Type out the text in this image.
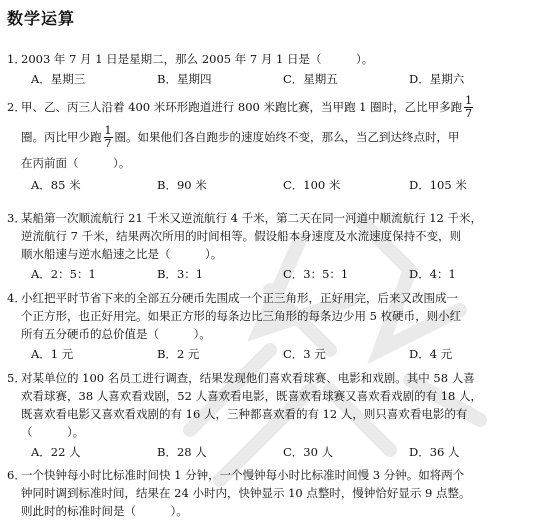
数学运算
1．2003 年 7 月 1 日是星期二，那么 2005 年 7 月 1 日是（　　　）。
A．星期三	B．星期四	C．星期五	D．星期六
2．
甲、乙、丙三人沿着 400 米环形跑道进行 800 米跑比赛，当甲跑 1 圈时，乙比甲多跑 $\frac{1}{7}$
圈。丙比甲少跑 $\frac{1}{7}$ 圈。如果他们各自跑步的速度始终不变，那么，当乙到达终点时，甲
在丙前面（　　　）。
A．85 米	B．90 米	C．100 米	D．105 米
3．某船第一次顺流航行 21 千米又逆流航行 4 千米，第二天在同一河道中顺流航行 12 千米，
逆流航行 7 千米，结果两次所用的时间相等。假设船本身速度及水流速度保持不变，则
顺水船速与逆水船速之比是（　　　）。
A．2：5：1	B．3：1	C．3：5：1	D．4：1
4．小红把平时节省下来的全部五分硬币先围成一个正三角形，正好用完，后来又改围成一
个正方形，也正好用完。如果正方形的每条边比三角形的每条边少用 5 枚硬币，则小红
所有五分硬币的总价值是（　　　）。
A．1 元	B．2 元	C．3 元	D．4 元
5．对某单位的 100 名员工进行调查，结果发现他们喜欢看球赛、电影和戏剧。其中 58 人喜
欢看球赛，38 人喜欢看戏剧，52 人喜欢看电影，既喜欢看球赛又喜欢看戏剧的有 18 人，
既喜欢看电影又喜欢看戏剧的有 16 人，三种都喜欢看的有 12 人，则只喜欢看电影的有
（　　　）。
A．22 人	B．28 人	C．30 人	D．36 人
6．一个快钟每小时比标准时间快 1 分钟，一个慢钟每小时比标准时间慢 3 分钟。如将两个
钟同时调到标准时间，结果在 24 小时内，快钟显示 10 点整时，慢钟恰好显示 9 点整。
则此时的标准时间是（　　　）。
